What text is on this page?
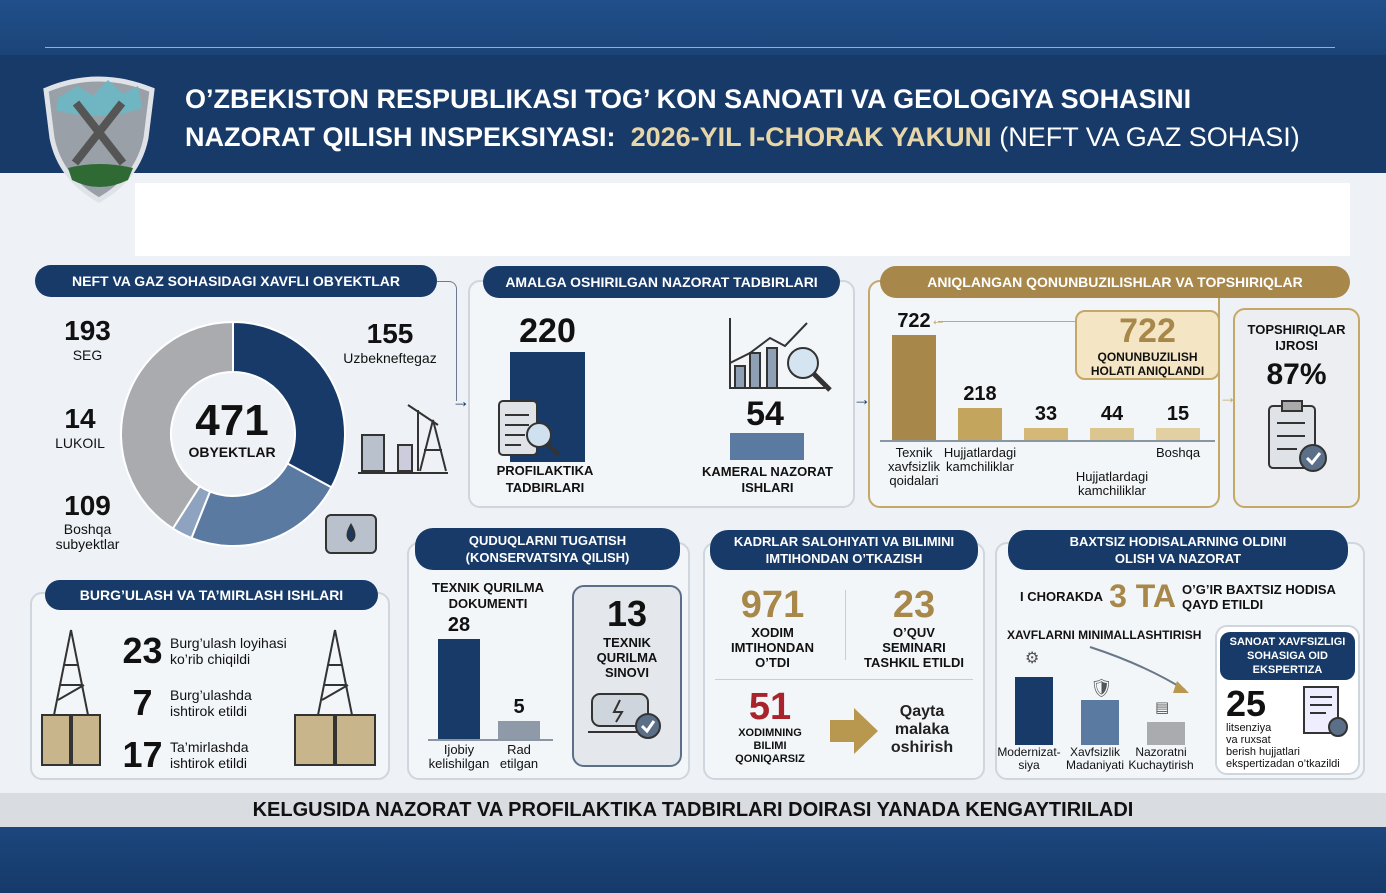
O’ZBEKISTON RESPUBLIKASI TOG’ KON SANOATI VA GEOLOGIYA SOHASINI
NAZORAT QILISH INSPEKSIYASI: 2026-YIL I-CHORAK YAKUNI (NEFT VA GAZ SOHASI)
NEFT VA GAZ SOHASIDAGI XAVFLI OBYEKTLAR
→
471
OBYEKTLAR
193
SEG
155
Uzbekneftegaz
14
LUKOIL
109
Boshqa
subyektlar
BURG’ULASH VA TA’MIRLASH ISHLARI
23 Burg’ulash loyihasi
ko’rib chiqildi
7	Burg’ulashda
ishtirok etildi
17 Ta’mirlashda
ishtirok etildi
AMALGA OSHIRILGAN NAZORAT TADBIRLARI
220
PROFILAKTIKA
TADBIRLARI
54
KAMERAL NAZORAT
ISHLARI
→
ANIQLANGAN QONUNBUZILISHLAR VA TOPSHIRIQLAR
722
218
33	44	15
Texnik
xavfsizlik
qoidalari
Hujjatlardagi
kamchiliklar
Hujjatlardagi
kamchiliklar
Boshqa
722
QONUNBUZILISH
HOLATI ANIQLANDI
←
→
TOPSHIRIQLAR
IJROSI
87%
QUDUQLARNI TUGATISH
(KONSERVATSIYA QILISH)
TEXNIK QURILMA
DOKUMENTI
28
5
Ijobiy
kelishilgan
Rad
etilgan
13
TEXNIK
QURILMA
SINOVI
KADRLAR SALOHIYATI VA BILIMINI
IMTIHONDAN O’TKAZISH
971
XODIM
IMTIHONDAN
O’TDI
23
O’QUV
SEMINARI
TASHKIL ETILDI
51
XODIMNING
BILIMI
QONIQARSIZ
Qayta
malaka
oshirish
BAXTSIZ HODISALARNING OLDINI
OLISH VA NAZORAT
I CHORAKDA 3 TA O’G’IR BAXTSIZ HODISA
QAYD ETILDI
XAVFLARNI MINIMALLASHTIRISH
Modernizat-
siya
Xavfsizlik
Madaniyati
Nazoratni
Kuchaytirish
⚙
🛡
▤
SANOAT XAVFSIZLIGI
SOHASIGA OID
EKSPERTIZA
25
litsenziya
va ruxsat
berish hujjatlari
ekspertizadan o’tkazildi
KELGUSIDA NAZORAT VA PROFILAKTIKA TADBIRLARI DOIRASI YANADA KENGAYTIRILADI
